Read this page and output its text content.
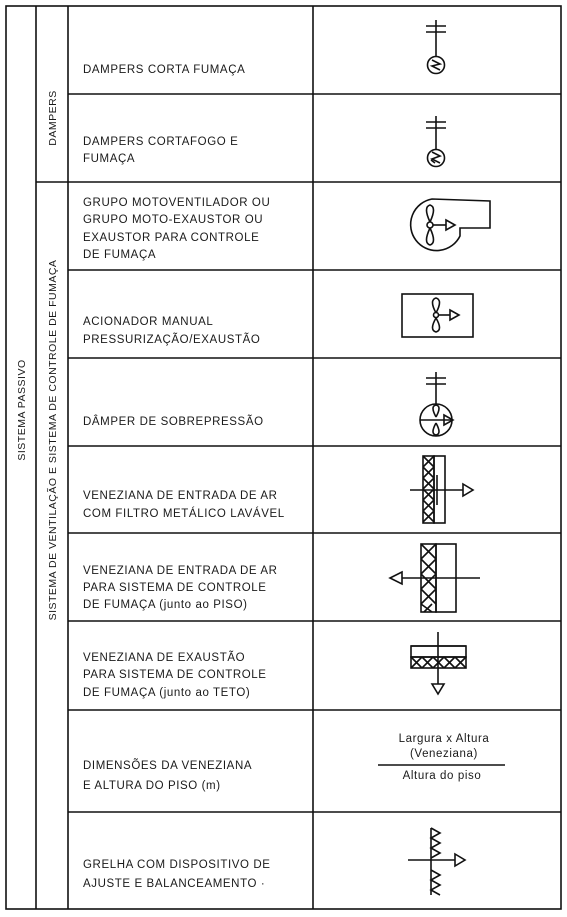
SISTEMA PASSIVO
DAMPERS
SISTEMA DE VENTILAÇÃO E SISTEMA DE CONTROLE DE FUMAÇA
DAMPERS CORTA FUMAÇA
DAMPERS CORTAFOGO E
FUMAÇA
GRUPO MOTOVENTILADOR OU
GRUPO MOTO-EXAUSTOR OU
EXAUSTOR PARA CONTROLE
DE FUMAÇA
ACIONADOR MANUAL
PRESSURIZAÇÃO/EXAUSTÃO
DÂMPER DE SOBREPRESSÃO
VENEZIANA DE ENTRADA DE AR
COM FILTRO METÁLICO LAVÁVEL
VENEZIANA DE ENTRADA DE AR
PARA SISTEMA DE CONTROLE
DE FUMAÇA (junto ao PISO)
VENEZIANA DE EXAUSTÃO
PARA SISTEMA DE CONTROLE
DE FUMAÇA (junto ao TETO)
DIMENSÕES DA VENEZIANA
E ALTURA DO PISO (m)
GRELHA COM DISPOSITIVO DE
AJUSTE E BALANCEAMENTO ·
Largura x Altura
(Veneziana)
Altura do piso
